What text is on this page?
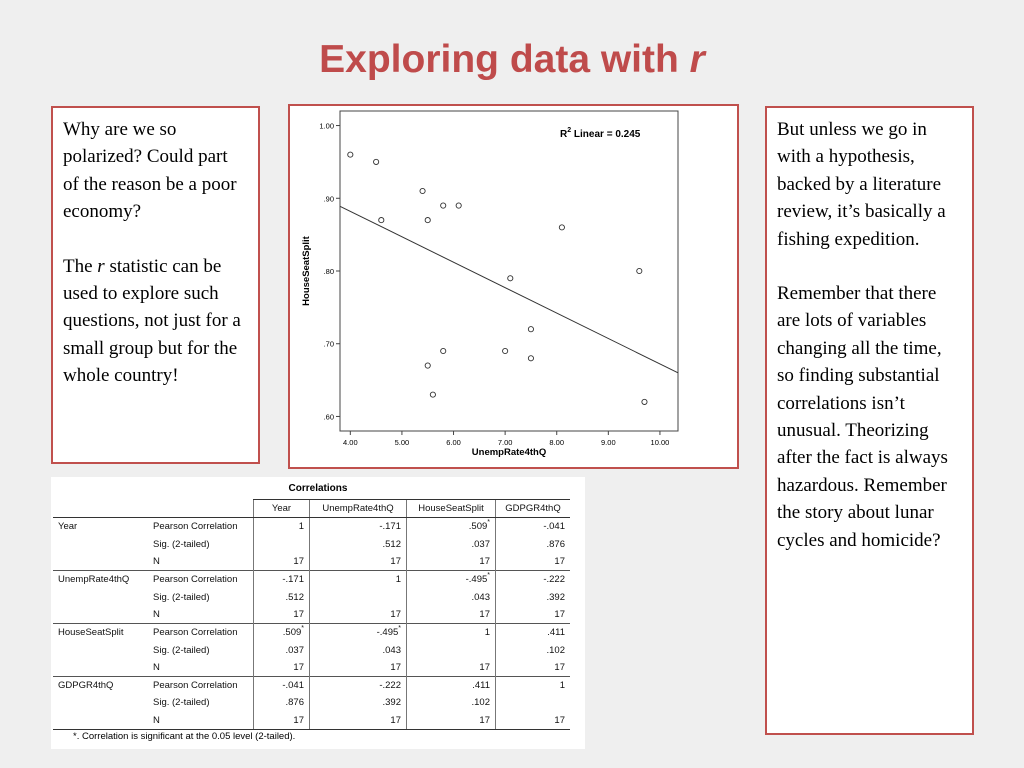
Exploring data with r

Why are we so polarized? Could part of the reason be a poor economy?

The r statistic can be used to explore such questions, not just for a small group but for the whole country!

4.00	5.00	6.00	7.00	8.00	9.00	10.00
1.00
.90
.80
.70
.60
$R^2$ Linear = 0.245
UnempRate4thQ
HouseSeatSplit

But unless we go in with a hypothesis, backed by a literature review, it’s basically a fishing expedition.

Remember that there are lots of variables changing all the time, so finding substantial correlations isn’t unusual. Theorizing after the fact is always hazardous. Remember the story about lunar cycles and homicide?

Correlations
		Year	UnempRate4thQ	HouseSeatSplit	GDPGR4thQ
Year	Pearson Correlation	1	-.171	.509*	-.041
	Sig. (2-tailed)		.512	.037	.876
	N	17	17	17	17
UnempRate4thQ	Pearson Correlation	-.171	1	-.495*	-.222
	Sig. (2-tailed)	.512		.043	.392
	N	17	17	17	17
HouseSeatSplit	Pearson Correlation	.509*	-.495*	1	.411
	Sig. (2-tailed)	.037	.043		.102
	N	17	17	17	17
GDPGR4thQ	Pearson Correlation	-.041	-.222	.411	1
	Sig. (2-tailed)	.876	.392	.102	
	N	17	17	17	17
*. Correlation is significant at the 0.05 level (2-tailed).
